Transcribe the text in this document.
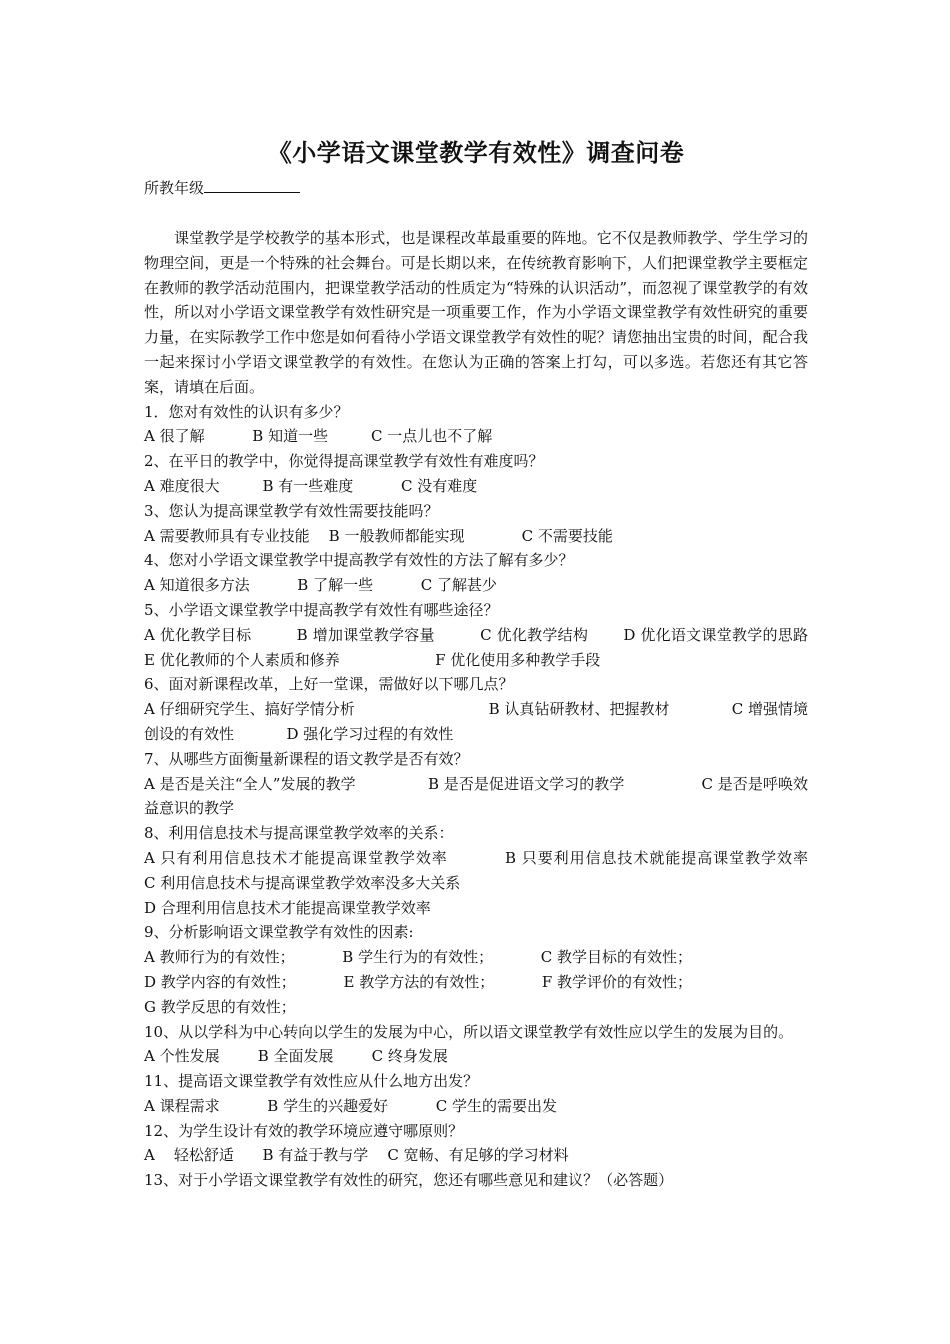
《小学语文课堂教学有效性》调查问卷
所教年级

课堂教学是学校教学的基本形式，也是课程改革最重要的阵地。它不仅是教师教学、学生学习的物理空间，更是一个特殊的社会舞台。可是长期以来，在传统教育影响下，人们把课堂教学主要框定在教师的教学活动范围内，把课堂教学活动的性质定为“特殊的认识活动”，而忽视了课堂教学的有效性，所以对小学语文课堂教学有效性研究是一项重要工作，作为小学语文课堂教学有效性研究的重要力量，在实际教学工作中您是如何看待小学语文课堂教学有效性的呢？请您抽出宝贵的时间，配合我一起来探讨小学语文课堂教学的有效性。在您认为正确的答案上打勾，可以多选。若您还有其它答案，请填在后面。

1．您对有效性的认识有多少？

A 很了解          B 知道一些         C 一点儿也不了解

2、在平日的教学中，你觉得提高课堂教学有效性有难度吗？

A 难度很大         B 有一些难度          C 没有难度

3、您认为提高课堂教学有效性需要技能吗？

A 需要教师具有专业技能    B 一般教师都能实现            C 不需要技能

4、您对小学语文课堂教学中提高教学有效性的方法了解有多少？

A 知道很多方法          B 了解一些          C 了解甚少

5、小学语文课堂教学中提高教学有效性有哪些途径？

A 优化教学目标         B 增加课堂教学容量         C 优化教学结构       D 优化语文课堂教学的思路        E 优化教师的个人素质和修养                    F 优化使用多种教学手段

6、面对新课程改革，上好一堂课，需做好以下哪几点？

A 仔细研究学生、搞好学情分析                            B 认真钻研教材、把握教材             C 增强情境创设的有效性           D 强化学习过程的有效性

7、从哪些方面衡量新课程的语文教学是否有效？

A 是否是关注“全人”发展的教学               B 是否是促进语文学习的教学                C 是否是呼唤效益意识的教学

8、利用信息技术与提高课堂教学效率的关系：

A 只有利用信息技术才能提高课堂教学效率          B 只要利用信息技术就能提高课堂教学效率                         C 利用信息技术与提高课堂教学效率没多大关系
D 合理利用信息技术才能提高课堂教学效率

9、分析影响语文课堂教学有效性的因素:

A 教师行为的有效性；          B 学生行为的有效性；          C 教学目标的有效性；
D 教学内容的有效性；          E 教学方法的有效性；          F 教学评价的有效性；
G 教学反思的有效性；

10、从以学科为中心转向以学生的发展为中心，所以语文课堂教学有效性应以学生的发展为目的。

A 个性发展        B 全面发展        C 终身发展

11、提高语文课堂教学有效性应从什么地方出发？

A 课程需求          B 学生的兴趣爱好          C 学生的需要出发

12、为学生设计有效的教学环境应遵守哪原则？

A    轻松舒适      B 有益于教与学    C 宽畅、有足够的学习材料

13、对于小学语文课堂教学有效性的研究，您还有哪些意见和建议？（必答题）
